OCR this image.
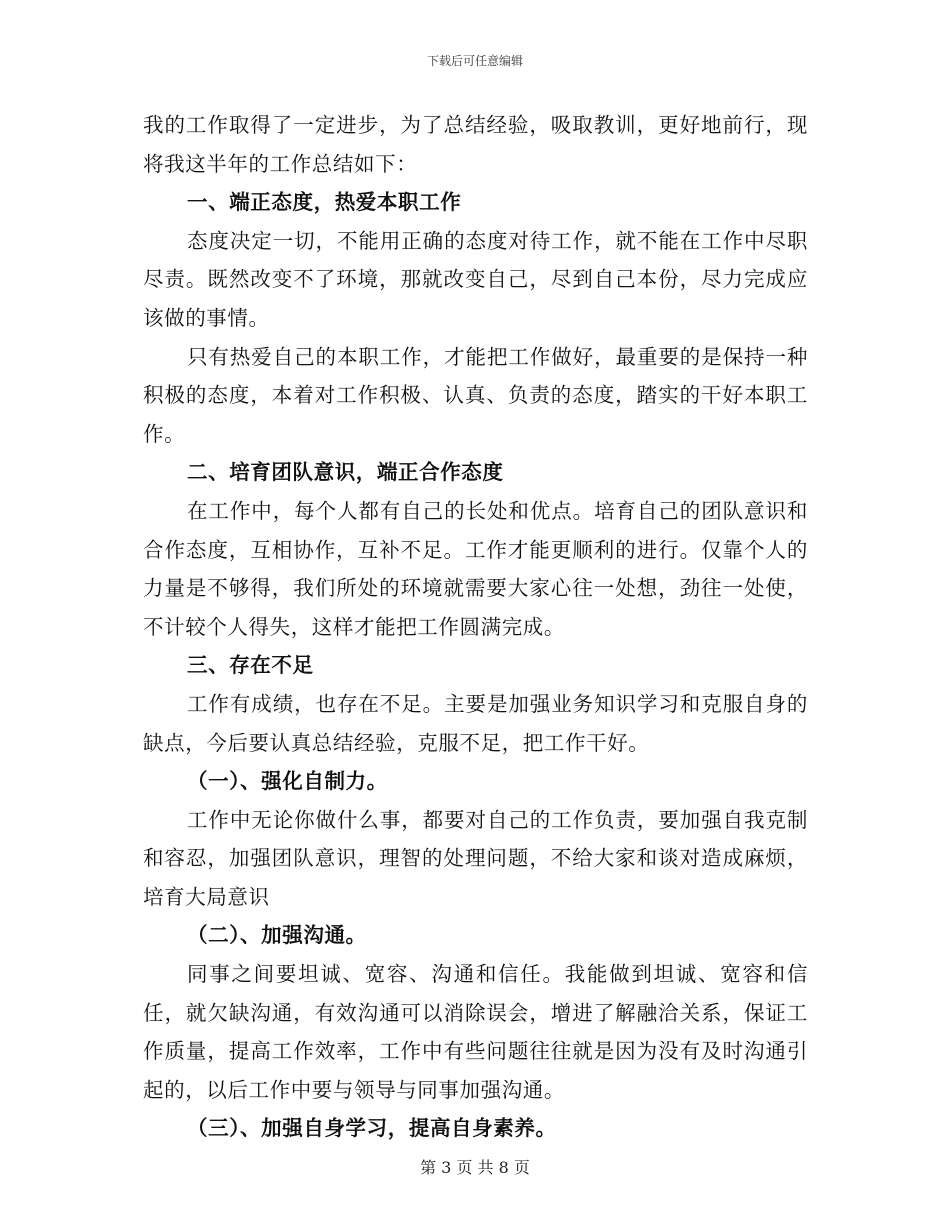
下载后可任意编辑

我的工作取得了一定进步，为了总结经验，吸取教训，更好地前行，现将我这半年的工作总结如下：

一、端正态度，热爱本职工作

态度决定一切，不能用正确的态度对待工作，就不能在工作中尽职尽责。既然改变不了环境，那就改变自己，尽到自己本份，尽力完成应该做的事情。

只有热爱自己的本职工作，才能把工作做好，最重要的是保持一种积极的态度，本着对工作积极、认真、负责的态度，踏实的干好本职工作。

二、培育团队意识，端正合作态度

在工作中，每个人都有自己的长处和优点。培育自己的团队意识和合作态度，互相协作，互补不足。工作才能更顺利的进行。仅靠个人的力量是不够得，我们所处的环境就需要大家心往一处想，劲往一处使，不计较个人得失，这样才能把工作圆满完成。

三、存在不足

工作有成绩，也存在不足。主要是加强业务知识学习和克服自身的缺点，今后要认真总结经验，克服不足，把工作干好。

（一）、强化自制力。

工作中无论你做什么事，都要对自己的工作负责，要加强自我克制和容忍，加强团队意识，理智的处理问题，不给大家和谈对造成麻烦，培育大局意识

（二）、加强沟通。

同事之间要坦诚、宽容、沟通和信任。我能做到坦诚、宽容和信任，就欠缺沟通，有效沟通可以消除误会，增进了解融洽关系，保证工作质量，提高工作效率，工作中有些问题往往就是因为没有及时沟通引起的，以后工作中要与领导与同事加强沟通。

（三）、加强自身学习，提高自身素养。

第 3 页 共 8 页
